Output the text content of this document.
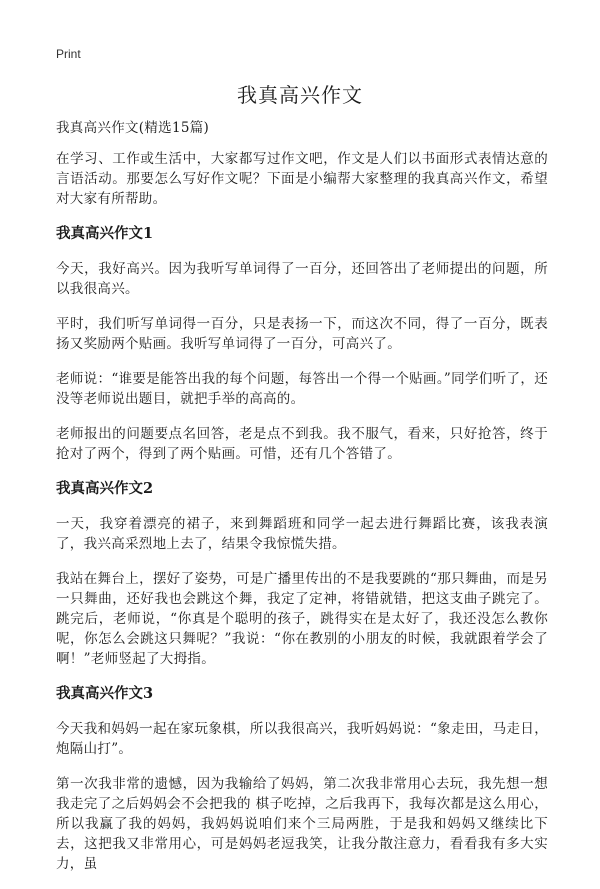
Print
我真高兴作文

我真高兴作文(精选15篇)

在学习、工作或生活中，大家都写过作文吧，作文是人们以书面形式表情达意的言语活动。那要怎么写好作文呢？下面是小编帮大家整理的我真高兴作文，希望对大家有所帮助。

我真高兴作文1

今天，我好高兴。因为我听写单词得了一百分，还回答出了老师提出的问题，所以我很高兴。

平时，我们听写单词得一百分，只是表扬一下，而这次不同，得了一百分，既表扬又奖励两个贴画。我听写单词得了一百分，可高兴了。

老师说：“谁要是能答出我的每个问题，每答出一个得一个贴画。”同学们听了，还没等老师说出题目，就把手举的高高的。

老师报出的问题要点名回答，老是点不到我。我不服气，看来，只好抢答，终于抢对了两个，得到了两个贴画。可惜，还有几个答错了。

我真高兴作文2

一天，我穿着漂亮的裙子，来到舞蹈班和同学一起去进行舞蹈比赛，该我表演了，我兴高采烈地上去了，结果令我惊慌失措。

我站在舞台上，摆好了姿势，可是广播里传出的不是我要跳的“那只舞曲，而是另一只舞曲，还好我也会跳这个舞，我定了定神，将错就错，把这支曲子跳完了。跳完后，老师说，“你真是个聪明的孩子，跳得实在是太好了，我还没怎么教你呢，你怎么会跳这只舞呢？”我说：“你在教别的小朋友的时候，我就跟着学会了啊！”老师竖起了大拇指。

我真高兴作文3

今天我和妈妈一起在家玩象棋，所以我很高兴，我听妈妈说：“象走田，马走日，炮隔山打”。

第一次我非常的遗憾，因为我输给了妈妈，第二次我非常用心去玩，我先想一想我走完了之后妈妈会不会把我的 棋子吃掉，之后我再下，我每次都是这么用心，所以我赢了我的妈妈，我妈妈说咱们来个三局两胜，于是我和妈妈又继续比下去，这把我又非常用心，可是妈妈老逗我笑，让我分散注意力，看看我有多大实力，虽
